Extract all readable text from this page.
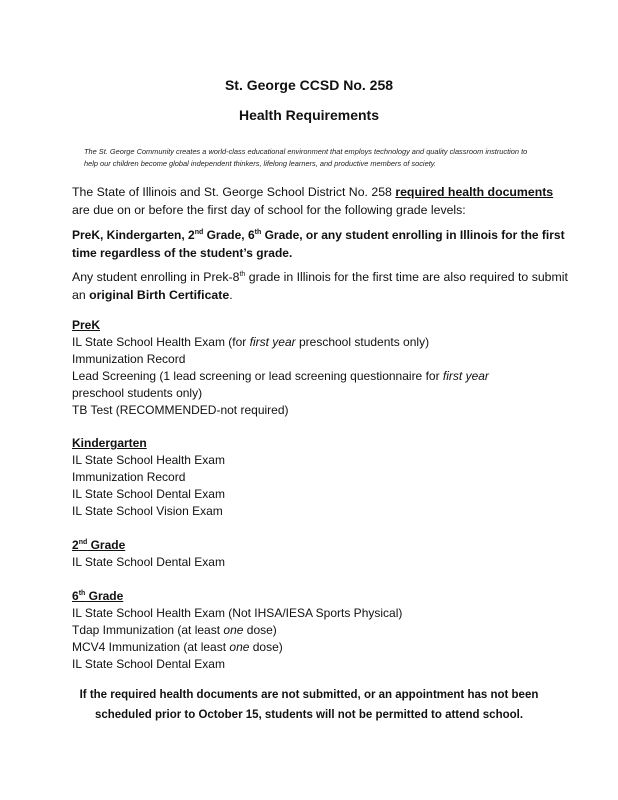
St. George CCSD No. 258
Health Requirements
The St. George Community creates a world-class educational environment that employs technology and quality classroom instruction to help our children become global independent thinkers, lifelong learners, and productive members of society.
The State of Illinois and St. George School District No. 258 required health documents are due on or before the first day of school for the following grade levels:
PreK, Kindergarten, 2nd Grade, 6th Grade, or any student enrolling in Illinois for the first time regardless of the student’s grade.
Any student enrolling in Prek-8th grade in Illinois for the first time are also required to submit an original Birth Certificate.
PreK
IL State School Health Exam (for first year preschool students only)
Immunization Record
Lead Screening (1 lead screening or lead screening questionnaire for first year
preschool students only)
TB Test (RECOMMENDED-not required)
Kindergarten
IL State School Health Exam
Immunization Record
IL State School Dental Exam
IL State School Vision Exam
2nd Grade
IL State School Dental Exam
6th Grade
IL State School Health Exam (Not IHSA/IESA Sports Physical)
Tdap Immunization (at least one dose)
MCV4 Immunization (at least one dose)
IL State School Dental Exam
If the required health documents are not submitted, or an appointment has not been
scheduled prior to October 15, students will not be permitted to attend school.
